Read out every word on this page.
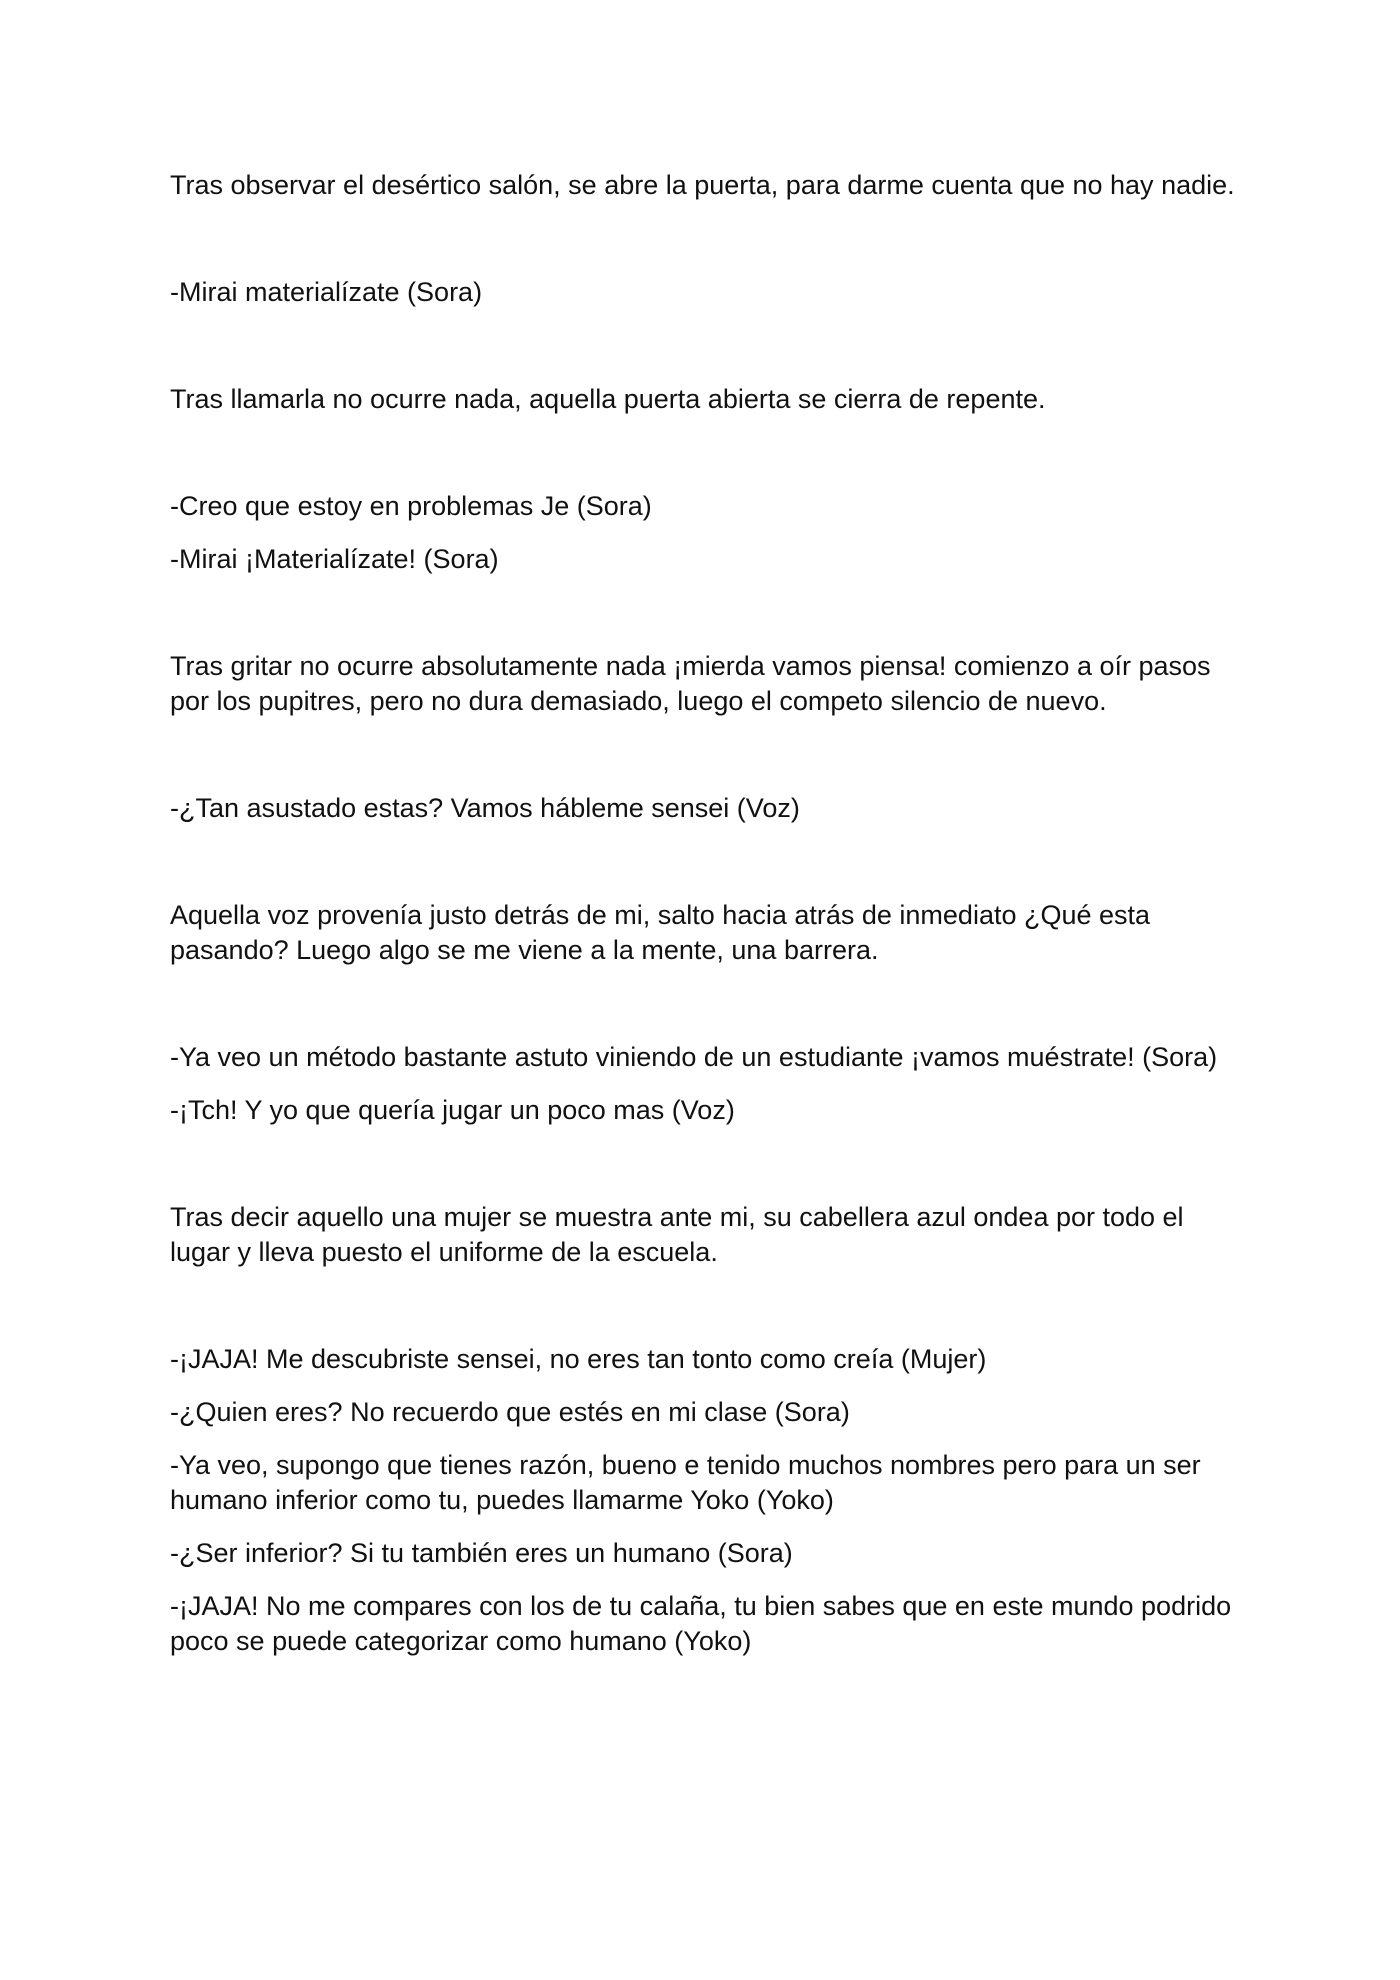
Tras observar el desértico salón, se abre la puerta, para darme cuenta que no hay nadie.

-Mirai materialízate (Sora)

Tras llamarla no ocurre nada, aquella puerta abierta se cierra de repente.

-Creo que estoy en problemas Je (Sora)

-Mirai ¡Materialízate! (Sora)

Tras gritar no ocurre absolutamente nada ¡mierda vamos piensa! comienzo a oír pasos por los pupitres, pero no dura demasiado, luego el competo silencio de nuevo.

-¿Tan asustado estas? Vamos hábleme sensei (Voz)

Aquella voz provenía justo detrás de mi, salto hacia atrás de inmediato ¿Qué esta pasando? Luego algo se me viene a la mente, una barrera.

-Ya veo un método bastante astuto viniendo de un estudiante ¡vamos muéstrate! (Sora)

-¡Tch! Y yo que quería jugar un poco mas (Voz)

Tras decir aquello una mujer se muestra ante mi, su cabellera azul ondea por todo el lugar y lleva puesto el uniforme de la escuela.

-¡JAJA! Me descubriste sensei, no eres tan tonto como creía (Mujer)

-¿Quien eres? No recuerdo que estés en mi clase (Sora)

-Ya veo, supongo que tienes razón, bueno e tenido muchos nombres pero para un ser humano inferior como tu, puedes llamarme Yoko (Yoko)

-¿Ser inferior? Si tu también eres un humano (Sora)

-¡JAJA! No me compares con los de tu calaña, tu bien sabes que en este mundo podrido poco se puede categorizar como humano (Yoko)
